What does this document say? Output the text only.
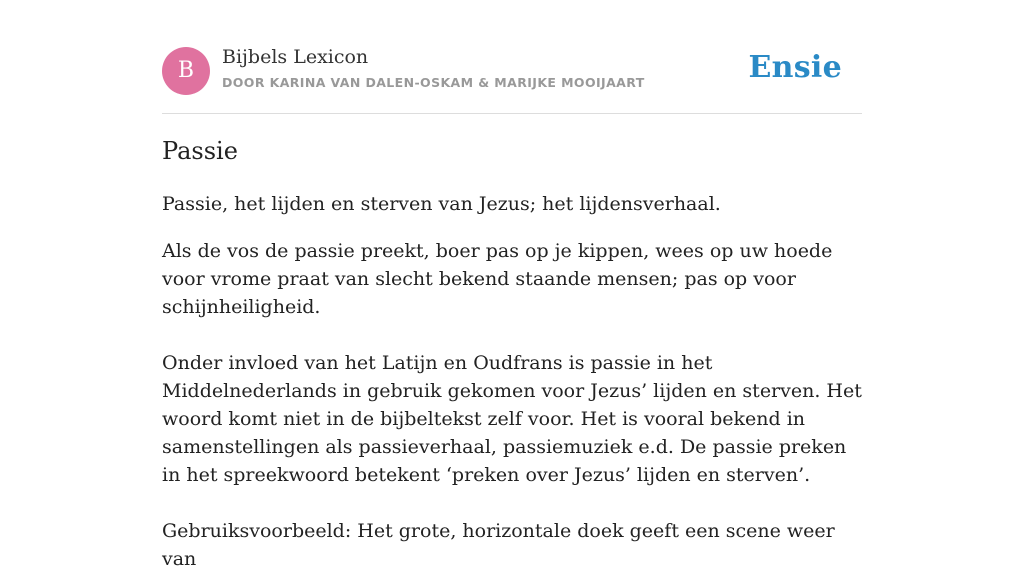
B
Bijbels Lexicon
DOOR KARINA VAN DALEN-OSKAM & MARIJKE MOOIJAART	Ensie
Passie

Passie, het lijden en sterven van Jezus; het lijdensverhaal.

Als de vos de passie preekt, boer pas op je kippen, wees op uw hoede voor vrome praat van slecht bekend staande mensen; pas op voor schijnheiligheid.

Onder invloed van het Latijn en Oudfrans is passie in het Middelnederlands in gebruik gekomen voor Jezus’ lijden en sterven. Het woord komt niet in de bijbeltekst zelf voor. Het is vooral bekend in samenstellingen als passieverhaal, passiemuziek e.d. De passie preken in het spreekwoord betekent ‘preken over Jezus’ lijden en sterven’.

Gebruiksvoorbeeld: Het grote, horizontale doek geeft een scene weer van
